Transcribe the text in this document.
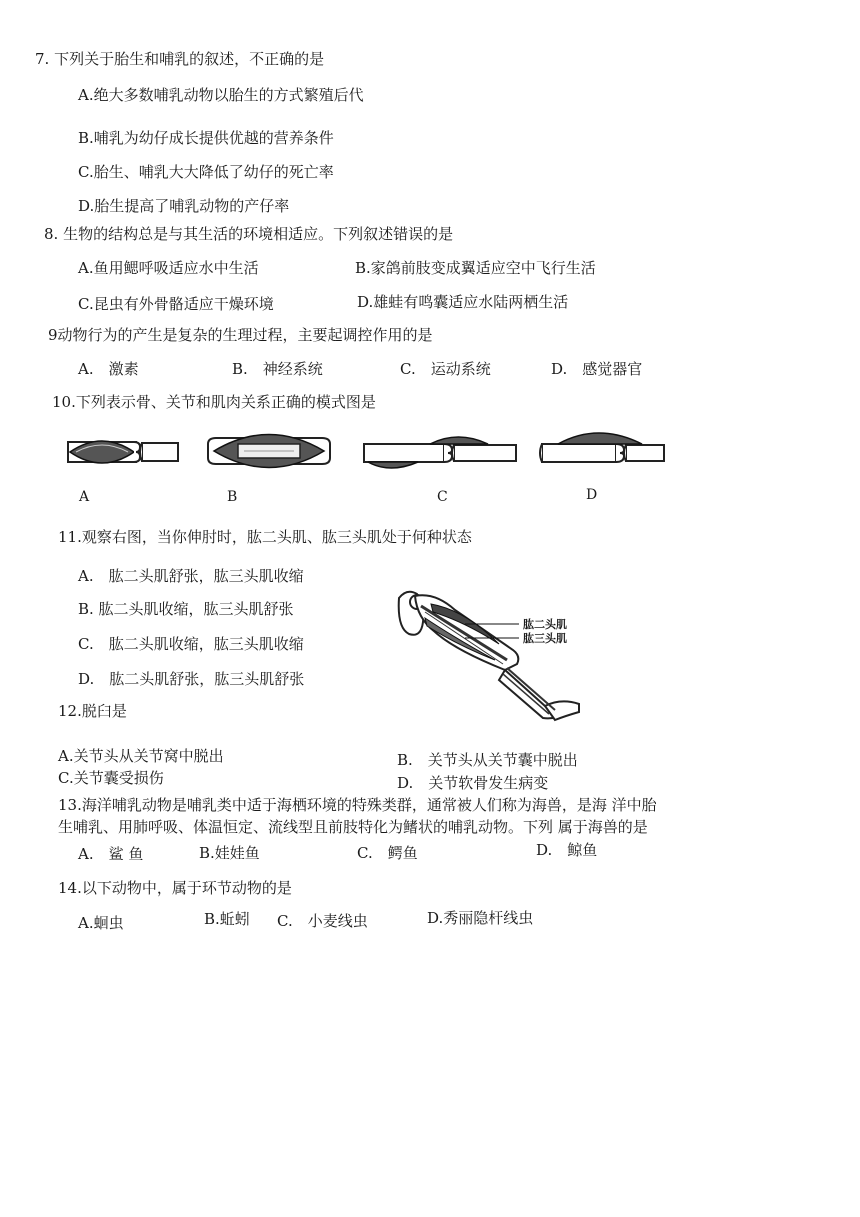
7. 下列关于胎生和哺乳的叙述，不正确的是
A.绝大多数哺乳动物以胎生的方式繁殖后代
B.哺乳为幼仔成长提供优越的营养条件
C.胎生、哺乳大大降低了幼仔的死亡率
D.胎生提高了哺乳动物的产仔率
8. 生物的结构总是与其生活的环境相适应。下列叙述错误的是
A.鱼用鳃呼吸适应水中生活	B.家鸽前肢变成翼适应空中飞行生活
C.昆虫有外骨骼适应干燥环境	D.雄蛙有鸣囊适应水陆两栖生活
9动物行为的产生是复杂的生理过程，主要起调控作用的是
A.　激素	B.　神经系统	C.　运动系统	D.　感觉器官
10.下列表示骨、关节和肌肉关系正确的模式图是
A	B	C	D
11.观察右图，当你伸肘时，肱二头肌、肱三头肌处于何种状态
A.　肱二头肌舒张，肱三头肌收缩
B. 肱二头肌收缩，肱三头肌舒张
C.　肱二头肌收缩，肱三头肌收缩
D.　肱二头肌舒张，肱三头肌舒张
肱二头肌
肱三头肌
12.脱臼是
A.关节头从关节窝中脱出	B.　关节头从关节囊中脱出
C.关节囊受损伤	D.　关节软骨发生病变
13.海洋哺乳动物是哺乳类中适于海栖环境的特殊类群，通常被人们称为海兽，是海 洋中胎
生哺乳、用肺呼吸、体温恒定、流线型且前肢特化为鳍状的哺乳动物。下列 属于海兽的是
A.　鲨 鱼	B.娃娃鱼	C.　鳄鱼	D.　鲸鱼
14.以下动物中，属于环节动物的是
A.蛔虫	B.蚯蚓 C.　小麦线虫	D.秀丽隐杆线虫
